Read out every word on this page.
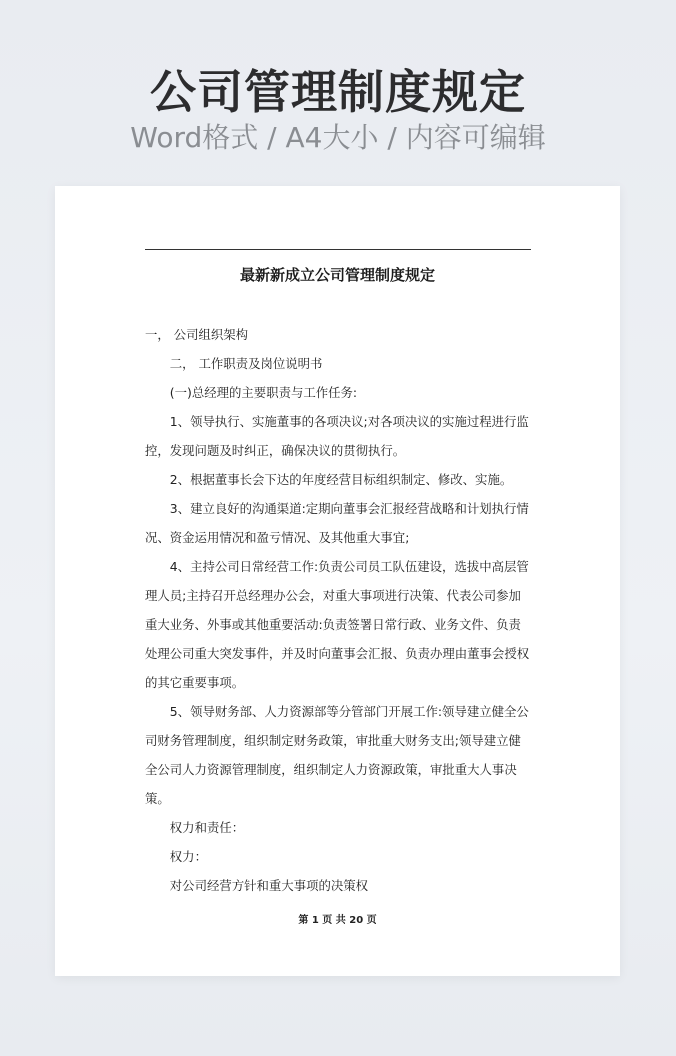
公司管理制度规定
Word格式 / A4大小 / 内容可编辑
最新新成立公司管理制度规定

一， 公司组织架构

二， 工作职责及岗位说明书

(一)总经理的主要职责与工作任务:

1、领导执行、实施董事的各项决议;对各项决议的实施过程进行监控，发现问题及时纠正，确保决议的贯彻执行。

2、根据董事长会下达的年度经营目标组织制定、修改、实施。

3、建立良好的沟通渠道:定期向董事会汇报经营战略和计划执行情况、资金运用情况和盈亏情况、及其他重大事宜;

4、主持公司日常经营工作:负责公司员工队伍建设，选拔中高层管理人员;主持召开总经理办公会，对重大事项进行决策、代表公司参加重大业务、外事或其他重要活动:负责签署日常行政、业务文件、负责处理公司重大突发事件，并及时向董事会汇报、负责办理由董事会授权的其它重要事项。

5、领导财务部、人力资源部等分管部门开展工作:领导建立健全公司财务管理制度，组织制定财务政策，审批重大财务支出;领导建立健全公司人力资源管理制度，组织制定人力资源政策，审批重大人事决策。

权力和责任：

权力：

对公司经营方针和重大事项的决策权

第 1 页 共 20 页
